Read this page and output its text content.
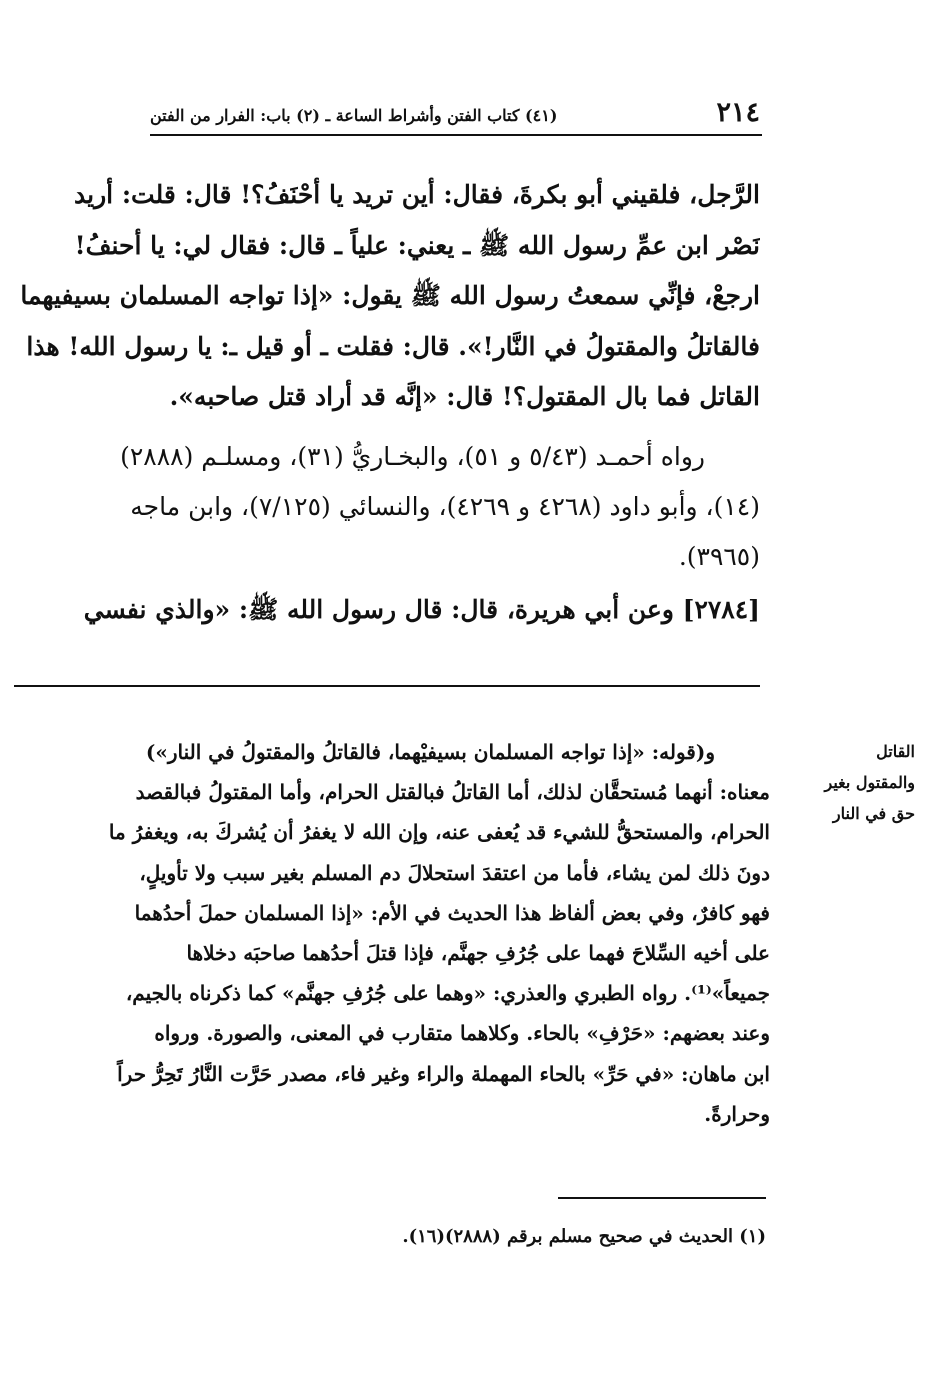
٢١٤
(٤١) كتاب الفتن وأشراط الساعة ـ (٢) باب: الفرار من الفتن
الرَّجل، فلقيني أبو بكرةَ، فقال: أين تريد يا أحْنَفُ؟! قال: قلت: أريد
نَصْر ابن عمِّ رسول الله ﷺ ـ يعني: علياً ـ قال: فقال لي: يا أحنفُ!
ارجعْ، فإنِّي سمعتُ رسول الله ﷺ يقول: «إذا تواجه المسلمان بسيفيهما
فالقاتلُ والمقتولُ في النَّار!». قال: فقلت ـ أو قيل ـ: يا رسول الله! هذا
القاتل فما بال المقتول؟! قال: «إنَّه قد أراد قتل صاحبه».
رواه أحمـد (٥/٤٣ و ٥١)، والبخـاريُّ (٣١)، ومسلـم (٢٨٨٨)
(١٤)، وأبو داود (٤٢٦٨ و ٤٢٦٩)، والنسائي (٧/١٢٥)، وابن ماجه
(٣٩٦٥).
[٢٧٨٤] وعن أبي هريرة، قال: قال رسول الله ﷺ: «والذي نفسي
القاتل
والمقتول بغير
حق في النار
و(قوله: «إذا تواجه المسلمان بسيفيْهما، فالقاتلُ والمقتولُ في النار»)
معناه: أنهما مُستحقَّان لذلك، أما القاتلُ فبالقتل الحرام، وأما المقتولُ فبالقصد
الحرام، والمستحقُّ للشيء قد يُعفى عنه، وإن الله لا يغفرُ أن يُشركَ به، ويغفرُ ما
دونَ ذلك لمن يشاء، فأما من اعتقدَ استحلالَ دم المسلم بغير سبب ولا تأويلٍ،
فهو كافرٌ، وفي بعض ألفاظ هذا الحديث في الأم: «إذا المسلمان حملَ أحدُهما
على أخيه السِّلاحَ فهما على جُرُفِ جهنَّم، فإذا قتلَ أحدُهما صاحبَه دخلاها
جميعاً»⁽¹⁾. رواه الطبري والعذري: «وهما على جُرُفِ جهنَّم» كما ذكرناه بالجيم،
وعند بعضهم: «حَرْفِ» بالحاء. وكلاهما متقارب في المعنى، والصورة. ورواه
ابن ماهان: «في حَرِّ» بالحاء المهملة والراء وغير فاء، مصدر حَرَّت النَّارُ تَحِرُّ حراً
وحرارةً.
(١) الحديث في صحيح مسلم برقم (٢٨٨٨)(١٦).
